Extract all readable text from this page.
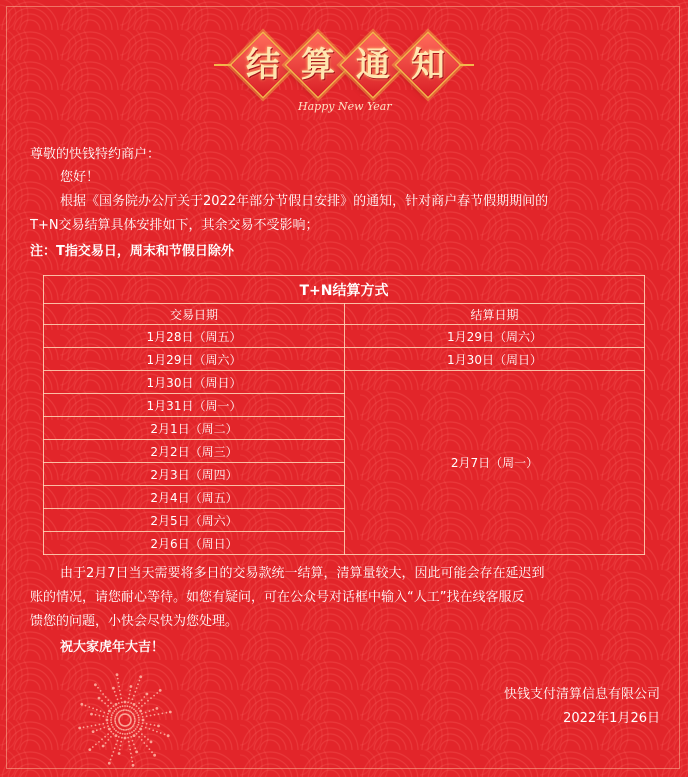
结 算 通 知
Happy New Year
尊敬的快钱特约商户：
您好！
根据《国务院办公厅关于2022年部分节假日安排》的通知，针对商户春节假期期间的
T+N交易结算具体安排如下，其余交易不受影响；
注：T指交易日，周末和节假日除外
T+N结算方式	
交易日期	结算日期
1月28日（周五）	1月29日（周六）
1月29日（周六）	1月30日（周日）
1月30日（周日）	2月7日（周一）
1月31日（周一）	
2月1日（周二）	
2月2日（周三）	
2月3日（周四）	
2月4日（周五）	
2月5日（周六）	
2月6日（周日）	
由于2月7日当天需要将多日的交易款统一结算，清算量较大，因此可能会存在延迟到
账的情况，请您耐心等待。如您有疑问，可在公众号对话框中输入“人工”找在线客服反
馈您的问题，小快会尽快为您处理。
祝大家虎年大吉！
快钱支付清算信息有限公司
2022年1月26日
